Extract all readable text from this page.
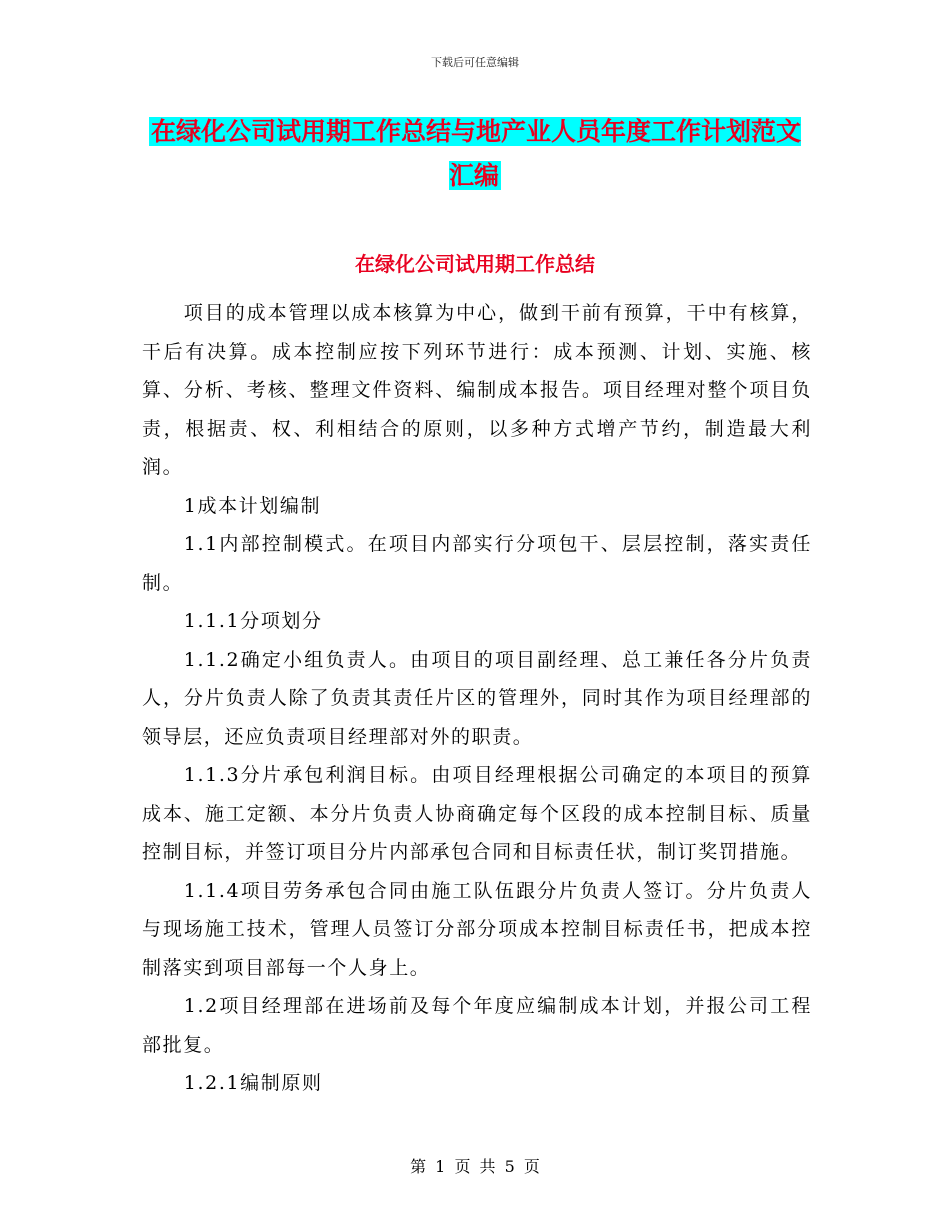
下载后可任意编辑
在绿化公司试用期工作总结与地产业人员年度工作计划范文汇编
在绿化公司试用期工作总结

项目的成本管理以成本核算为中心，做到干前有预算，干中有核算，干后有决算。成本控制应按下列环节进行：成本预测、计划、实施、核算、分析、考核、整理文件资料、编制成本报告。项目经理对整个项目负责，根据责、权、利相结合的原则，以多种方式增产节约，制造最大利润。

1成本计划编制

1.1内部控制模式。在项目内部实行分项包干、层层控制，落实责任制。

1.1.1分项划分

1.1.2确定小组负责人。由项目的项目副经理、总工兼任各分片负责人，分片负责人除了负责其责任片区的管理外，同时其作为项目经理部的领导层，还应负责项目经理部对外的职责。

1.1.3分片承包利润目标。由项目经理根据公司确定的本项目的预算成本、施工定额、本分片负责人协商确定每个区段的成本控制目标、质量控制目标，并签订项目分片内部承包合同和目标责任状，制订奖罚措施。

1.1.4项目劳务承包合同由施工队伍跟分片负责人签订。分片负责人与现场施工技术，管理人员签订分部分项成本控制目标责任书，把成本控制落实到项目部每一个人身上。

1.2项目经理部在进场前及每个年度应编制成本计划，并报公司工程部批复。

1.2.1编制原则

第 1 页 共 5 页
